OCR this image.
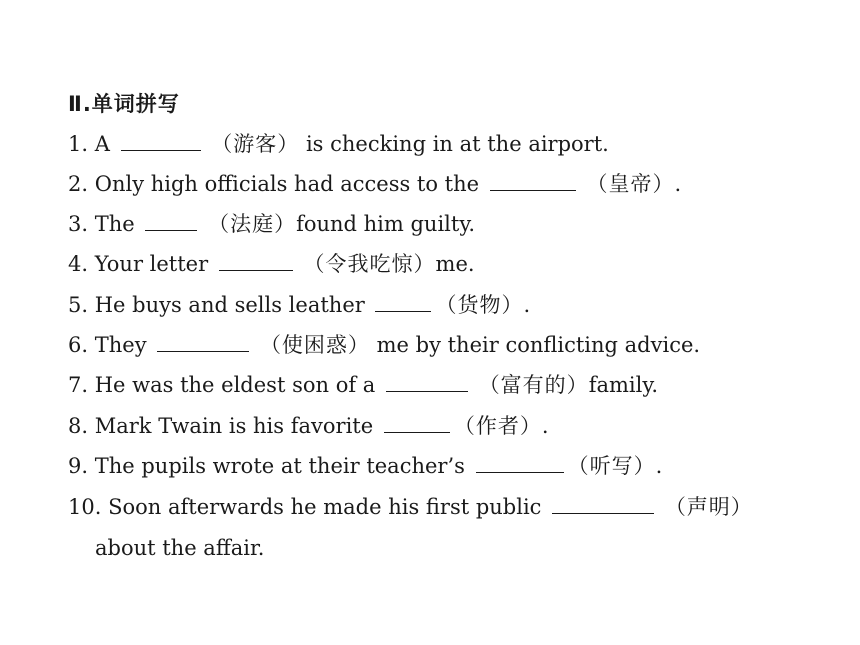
Ⅱ.单词拼写
1. A	（游客） is checking in at the airport.
2. Only high officials had access to the	（皇帝）.
3. The	（法庭）found him guilty.
4. Your letter	（令我吃惊）me.
5. He buys and sells leather	（货物）.
6. They	（使困惑） me by their conflicting advice.
7. He was the eldest son of a	（富有的）family.
8. Mark Twain is his favorite	（作者）.
9. The pupils wrote at their teacher’s	（听写）.
10. Soon afterwards he made his first public	（声明）
about the affair.
